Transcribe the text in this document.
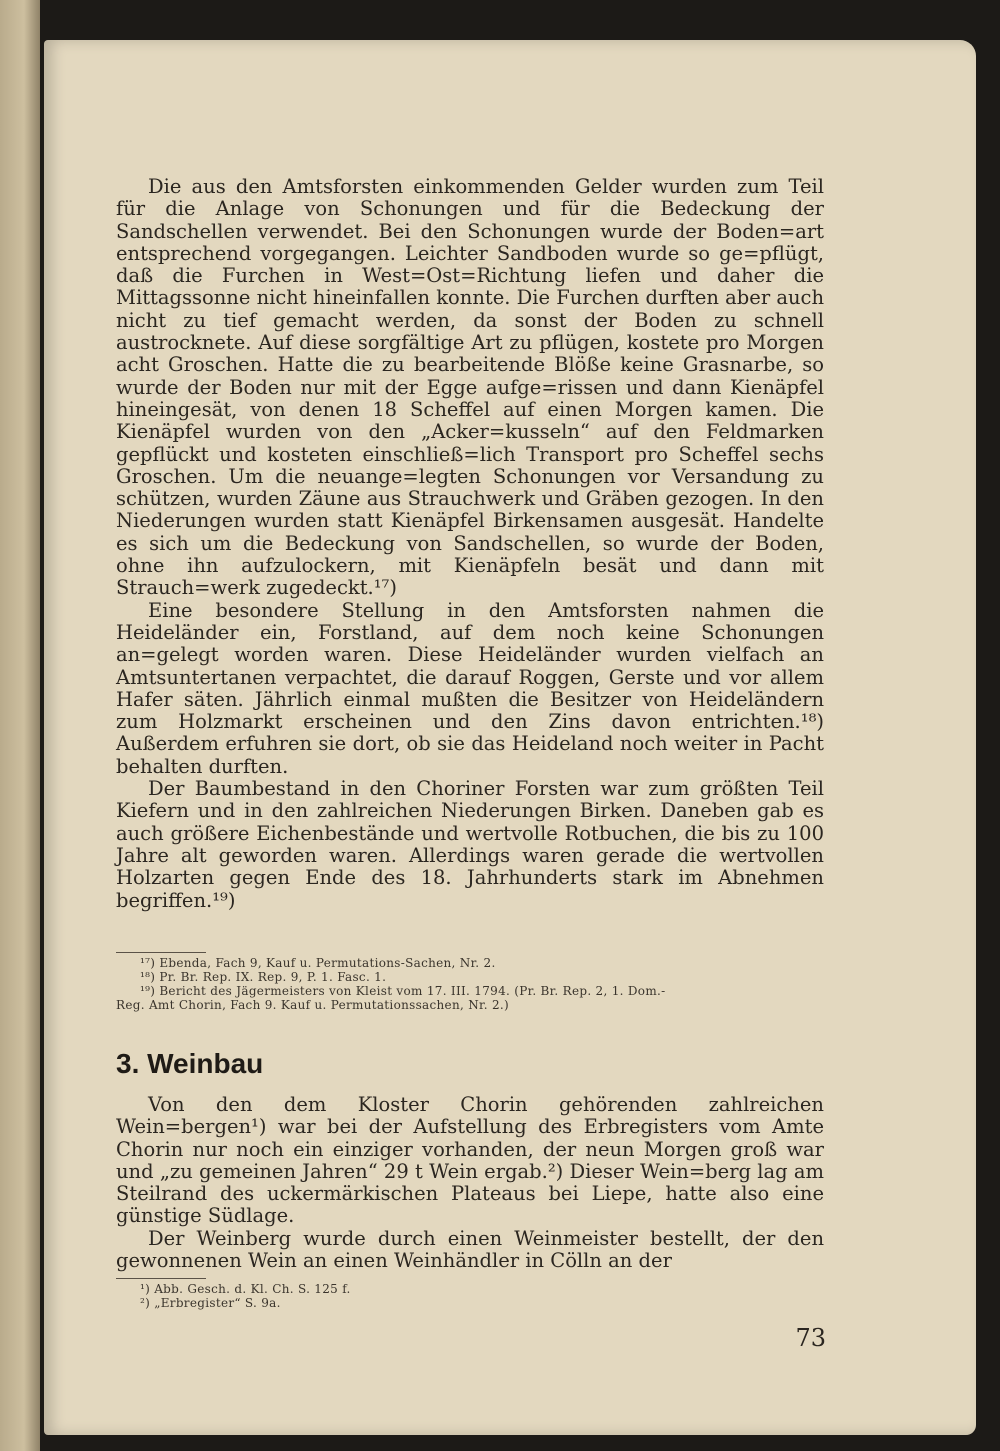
Die aus den Amtsforsten einkommenden Gelder wurden zum Teil für die Anlage von Schonungen und für die Bedeckung der Sandschellen verwendet. Bei den Schonungen wurde der Boden=art entsprechend vorgegangen. Leichter Sandboden wurde so ge=pflügt, daß die Furchen in West=Ost=Richtung liefen und daher die Mittagssonne nicht hineinfallen konnte. Die Furchen durften aber auch nicht zu tief gemacht werden, da sonst der Boden zu schnell austrocknete. Auf diese sorgfältige Art zu pflügen, kostete pro Morgen acht Groschen. Hatte die zu bearbeitende Blöße keine Grasnarbe, so wurde der Boden nur mit der Egge aufge=rissen und dann Kienäpfel hineingesät, von denen 18 Scheffel auf einen Morgen kamen. Die Kienäpfel wurden von den „Acker=kusseln“ auf den Feldmarken gepflückt und kosteten einschließ=lich Transport pro Scheffel sechs Groschen. Um die neuange=legten Schonungen vor Versandung zu schützen, wurden Zäune aus Strauchwerk und Gräben gezogen. In den Niederungen wurden statt Kienäpfel Birkensamen ausgesät. Handelte es sich um die Bedeckung von Sandschellen, so wurde der Boden, ohne ihn aufzulockern, mit Kienäpfeln besät und dann mit Strauch=werk zugedeckt.¹⁷)

Eine besondere Stellung in den Amtsforsten nahmen die Heideländer ein, Forstland, auf dem noch keine Schonungen an=gelegt worden waren. Diese Heideländer wurden vielfach an Amtsuntertanen verpachtet, die darauf Roggen, Gerste und vor allem Hafer säten. Jährlich einmal mußten die Besitzer von Heideländern zum Holzmarkt erscheinen und den Zins davon entrichten.¹⁸) Außerdem erfuhren sie dort, ob sie das Heideland noch weiter in Pacht behalten durften.

Der Baumbestand in den Choriner Forsten war zum größten Teil Kiefern und in den zahlreichen Niederungen Birken. Daneben gab es auch größere Eichenbestände und wertvolle Rotbuchen, die bis zu 100 Jahre alt geworden waren. Allerdings waren gerade die wertvollen Holzarten gegen Ende des 18. Jahrhunderts stark im Abnehmen begriffen.¹⁹)

¹⁷) Ebenda, Fach 9, Kauf u. Permutations-Sachen, Nr. 2.
¹⁸) Pr. Br. Rep. IX. Rep. 9, P. 1. Fasc. 1.
¹⁹) Bericht des Jägermeisters von Kleist vom 17. III. 1794. (Pr. Br. Rep. 2, 1. Dom.-
Reg. Amt Chorin, Fach 9. Kauf u. Permutationssachen, Nr. 2.)
3. Weinbau

Von den dem Kloster Chorin gehörenden zahlreichen Wein=bergen¹) war bei der Aufstellung des Erbregisters vom Amte Chorin nur noch ein einziger vorhanden, der neun Morgen groß war und „zu gemeinen Jahren“ 29 t Wein ergab.²) Dieser Wein=berg lag am Steilrand des uckermärkischen Plateaus bei Liepe, hatte also eine günstige Südlage.

Der Weinberg wurde durch einen Weinmeister bestellt, der den gewonnenen Wein an einen Weinhändler in Cölln an der

¹) Abb. Gesch. d. Kl. Ch. S. 125 f.
²) „Erbregister“ S. 9a.
73
